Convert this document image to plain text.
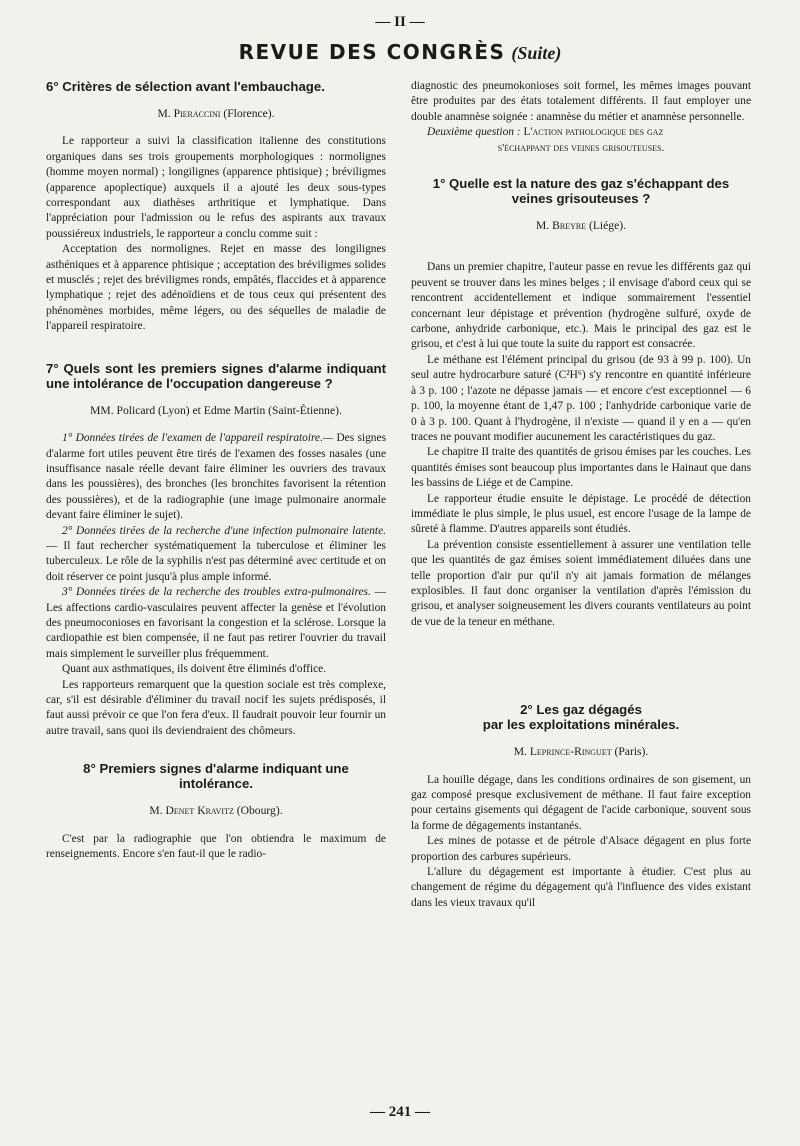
— II —
REVUE DES CONGRÈS (Suite)
6° Critères de sélection avant l'embauchage.
M. Pieraccini (Florence).

Le rapporteur a suivi la classification italienne des constitutions organiques dans ses trois groupements morphologiques : normolignes (homme moyen normal) ; longilignes (apparence phtisique) ; bréviligmes (apparence apoplectique) auxquels il a ajouté les deux sous-types correspondant aux diathèses arthritique et lymphatique. Dans l'appréciation pour l'admission ou le refus des aspirants aux travaux poussiéreux industriels, le rapporteur a conclu comme suit :

Acceptation des normolignes. Rejet en masse des longilignes asthéniques et à apparence phtisique ; acceptation des bréviligmes solides et musclés ; rejet des bréviligmes ronds, empâtés, flaccides et à apparence lymphatique ; rejet des adénoïdiens et de tous ceux qui présentent des phénomènes morbides, même légers, ou des séquelles de maladie de l'appareil respiratoire.

7° Quels sont les premiers signes d'alarme indiquant une intolérance de l'occupation dangereuse ?
MM. Policard (Lyon) et Edme Martin (Saint-Étienne).

1° Données tirées de l'examen de l'appareil respiratoire.— Des signes d'alarme fort utiles peuvent être tirés de l'examen des fosses nasales (une insuffisance nasale réelle devant faire éliminer les ouvriers des travaux dans les poussières), des bronches (les bronchites favorisent la rétention des poussières), et de la radiographie (une image pulmonaire anormale devant faire éliminer le sujet).

2° Données tirées de la recherche d'une infection pulmonaire latente. — Il faut rechercher systématiquement la tuberculose et éliminer les tuberculeux. Le rôle de la syphilis n'est pas déterminé avec certitude et on doit réserver ce point jusqu'à plus ample informé.

3° Données tirées de la recherche des troubles extra-pulmonaires. — Les affections cardio-vasculaires peuvent affecter la genèse et l'évolution des pneumoconioses en favorisant la congestion et la sclérose. Lorsque la cardiopathie est bien compensée, il ne faut pas retirer l'ouvrier du travail mais simplement le surveiller plus fréquemment.

Quant aux asthmatiques, ils doivent être éliminés d'office.

Les rapporteurs remarquent que la question sociale est très complexe, car, s'il est désirable d'éliminer du travail nocif les sujets prédisposés, il faut aussi prévoir ce que l'on fera d'eux. Il faudrait pouvoir leur fournir un autre travail, sans quoi ils deviendraient des chômeurs.

8° Premiers signes d'alarme indiquant une intolérance.
M. Denet Kravitz (Obourg).

C'est par la radiographie que l'on obtiendra le maximum de renseignements. Encore s'en faut-il que le radio-

diagnostic des pneumokonioses soit formel, les mêmes images pouvant être produites par des états totalement différents. Il faut employer une double anamnèse soignée : anamnèse du métier et anamnèse personnelle.

Deuxième question : L'action pathologique des gaz

s'échappant des veines grisouteuses.
1° Quelle est la nature des gaz s'échappant des veines grisouteuses ?
M. Breyre (Liége).

Dans un premier chapitre, l'auteur passe en revue les différents gaz qui peuvent se trouver dans les mines belges ; il envisage d'abord ceux qui se rencontrent accidentellement et indique sommairement l'essentiel concernant leur dépistage et prévention (hydrogène sulfuré, oxyde de carbone, anhydride carbonique, etc.). Mais le principal des gaz est le grisou, et c'est à lui que toute la suite du rapport est consacrée.

Le méthane est l'élément principal du grisou (de 93 à 99 p. 100). Un seul autre hydrocarbure saturé (C²H⁶) s'y rencontre en quantité inférieure à 3 p. 100 ; l'azote ne dépasse jamais — et encore c'est exceptionnel — 6 p. 100, la moyenne étant de 1,47 p. 100 ; l'anhydride carbonique varie de 0 à 3 p. 100. Quant à l'hydrogène, il n'existe — quand il y en a — qu'en traces ne pouvant modifier aucunement les caractéristiques du gaz.

Le chapitre II traite des quantités de grisou émises par les couches. Les quantités émises sont beaucoup plus importantes dans le Hainaut que dans les bassins de Liége et de Campine.

Le rapporteur étudie ensuite le dépistage. Le procédé de détection immédiate le plus simple, le plus usuel, est encore l'usage de la lampe de sûreté à flamme. D'autres appareils sont étudiés.

La prévention consiste essentiellement à assurer une ventilation telle que les quantités de gaz émises soient immédiatement diluées dans une telle proportion d'air pur qu'il n'y ait jamais formation de mélanges explosibles. Il faut donc organiser la ventilation d'après l'émission du grisou, et analyser soigneusement les divers courants ventilateurs au point de vue de la teneur en méthane.

2° Les gaz dégagés
par les exploitations minérales.
M. Leprince-Ringuet (Paris).

La houille dégage, dans les conditions ordinaires de son gisement, un gaz composé presque exclusivement de méthane. Il faut faire exception pour certains gisements qui dégagent de l'acide carbonique, souvent sous la forme de dégagements instantanés.

Les mines de potasse et de pétrole d'Alsace dégagent en plus forte proportion des carbures supérieurs.

L'allure du dégagement est importante à étudier. C'est plus au changement de régime du dégagement qu'à l'influence des vides existant dans les vieux travaux qu'il

— 241 —
